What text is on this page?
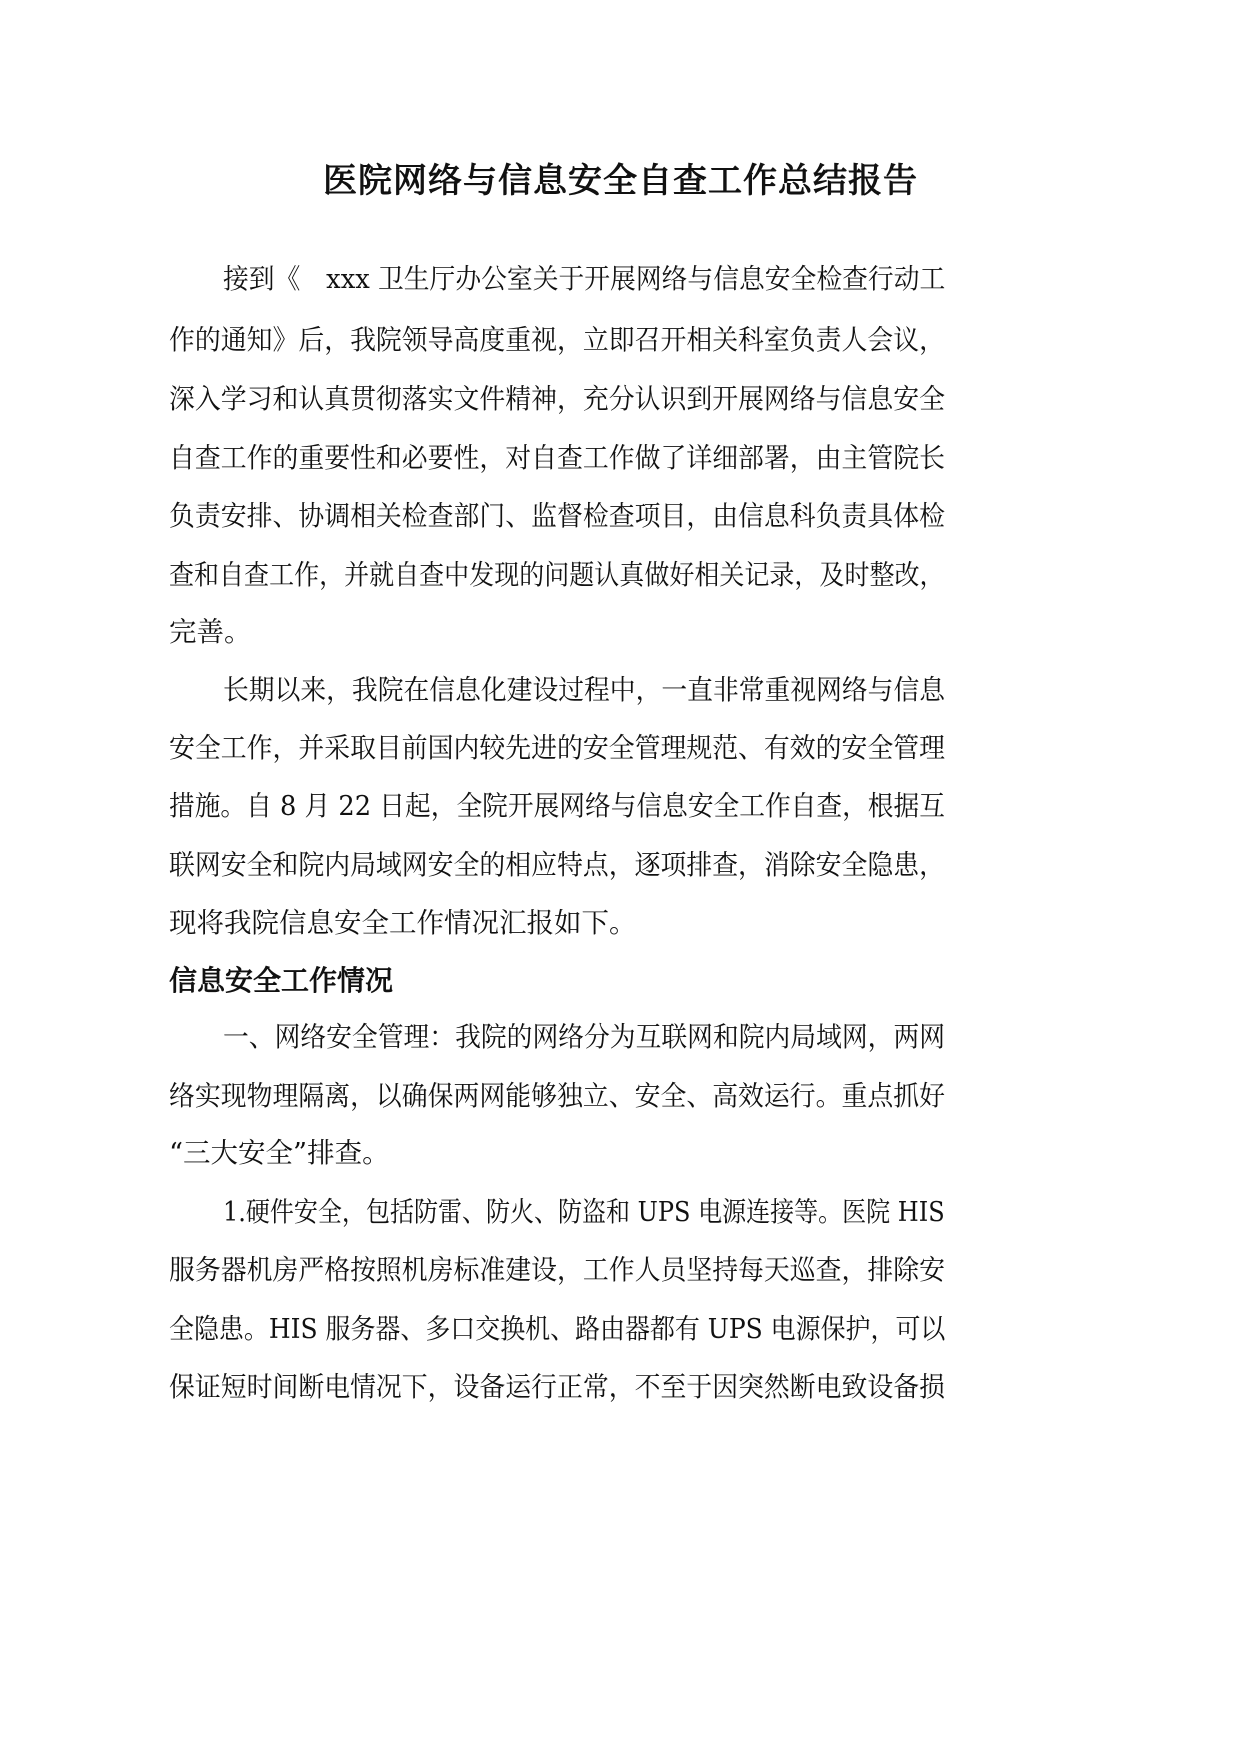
医院网络与信息安全自查工作总结报告
接到《　xxx 卫生厅办公室关于开展网络与信息安全检查行动工
作的通知》后，我院领导高度重视，立即召开相关科室负责人会议，
深入学习和认真贯彻落实文件精神，充分认识到开展网络与信息安全
自查工作的重要性和必要性，对自查工作做了详细部署，由主管院长
负责安排、协调相关检查部门、监督检查项目，由信息科负责具体检
查和自查工作，并就自查中发现的问题认真做好相关记录，及时整改，
完善。
长期以来，我院在信息化建设过程中，一直非常重视网络与信息
安全工作，并采取目前国内较先进的安全管理规范、有效的安全管理
措施。自 8 月 22 日起，全院开展网络与信息安全工作自查，根据互
联网安全和院内局域网安全的相应特点，逐项排查，消除安全隐患，
现将我院信息安全工作情况汇报如下。
信息安全工作情况
一、网络安全管理：我院的网络分为互联网和院内局域网，两网
络实现物理隔离，以确保两网能够独立、安全、高效运行。重点抓好
“三大安全”排查。
1.硬件安全，包括防雷、防火、防盗和 UPS 电源连接等。医院 HIS
服务器机房严格按照机房标准建设，工作人员坚持每天巡查，排除安
全隐患。HIS 服务器、多口交换机、路由器都有 UPS 电源保护，可以
保证短时间断电情况下，设备运行正常，不至于因突然断电致设备损
